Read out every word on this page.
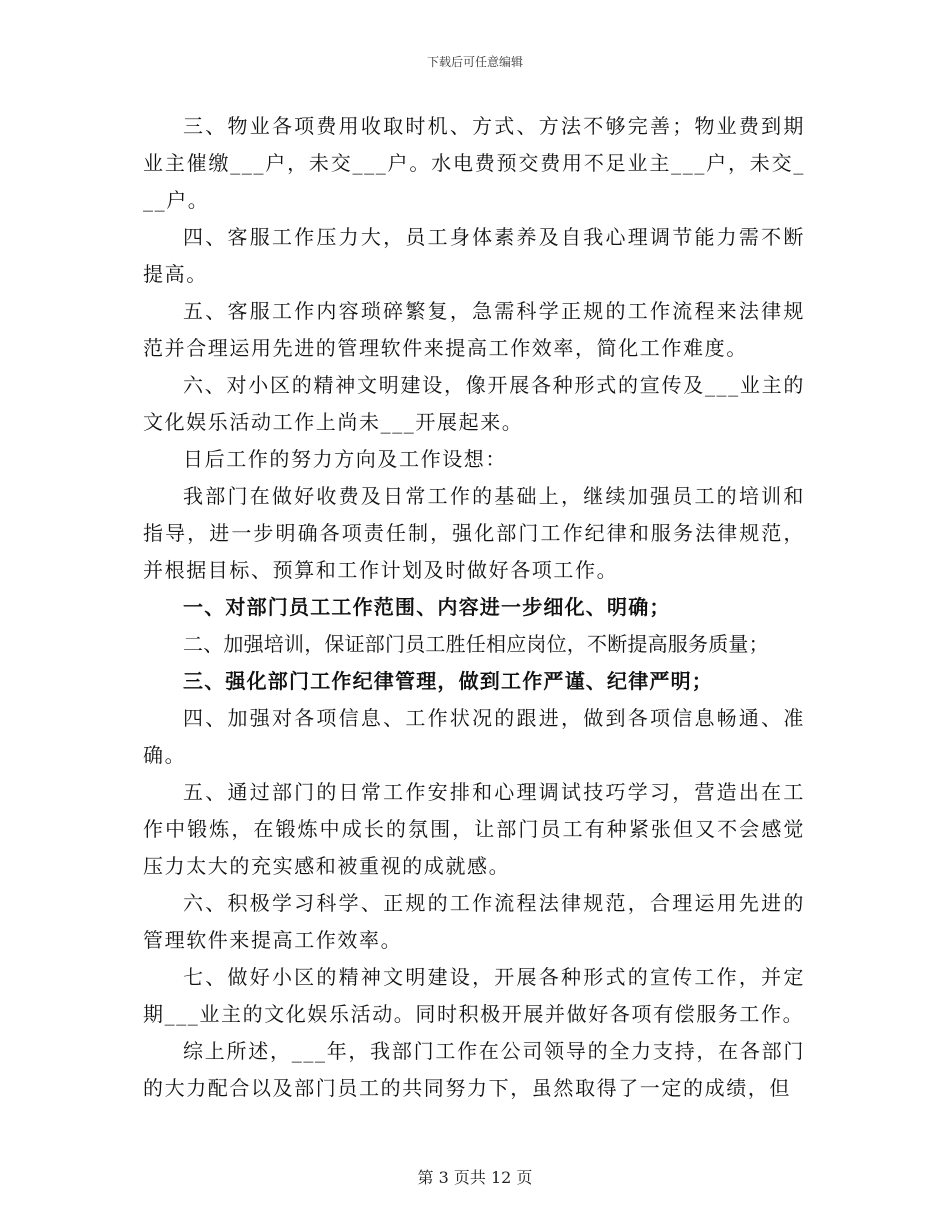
下载后可任意编辑

三、物业各项费用收取时机、方式、方法不够完善；物业费到期业主催缴___户，未交___户。水电费预交费用不足业主___户，未交___户。

四、客服工作压力大，员工身体素养及自我心理调节能力需不断提高。

五、客服工作内容琐碎繁复，急需科学正规的工作流程来法律规范并合理运用先进的管理软件来提高工作效率，简化工作难度。

六、对小区的精神文明建设，像开展各种形式的宣传及___业主的文化娱乐活动工作上尚未___开展起来。

日后工作的努力方向及工作设想：

我部门在做好收费及日常工作的基础上，继续加强员工的培训和指导，进一步明确各项责任制，强化部门工作纪律和服务法律规范，并根据目标、预算和工作计划及时做好各项工作。

一、对部门员工工作范围、内容进一步细化、明确；

二、加强培训，保证部门员工胜任相应岗位，不断提高服务质量；

三、强化部门工作纪律管理，做到工作严谨、纪律严明；

四、加强对各项信息、工作状况的跟进，做到各项信息畅通、准确。

五、通过部门的日常工作安排和心理调试技巧学习，营造出在工作中锻炼，在锻炼中成长的氛围，让部门员工有种紧张但又不会感觉压力太大的充实感和被重视的成就感。

六、积极学习科学、正规的工作流程法律规范，合理运用先进的管理软件来提高工作效率。

七、做好小区的精神文明建设，开展各种形式的宣传工作，并定期___业主的文化娱乐活动。同时积极开展并做好各项有偿服务工作。

综上所述，___年，我部门工作在公司领导的全力支持，在各部门的大力配合以及部门员工的共同努力下，虽然取得了一定的成绩，但

第 3 页共 12 页
